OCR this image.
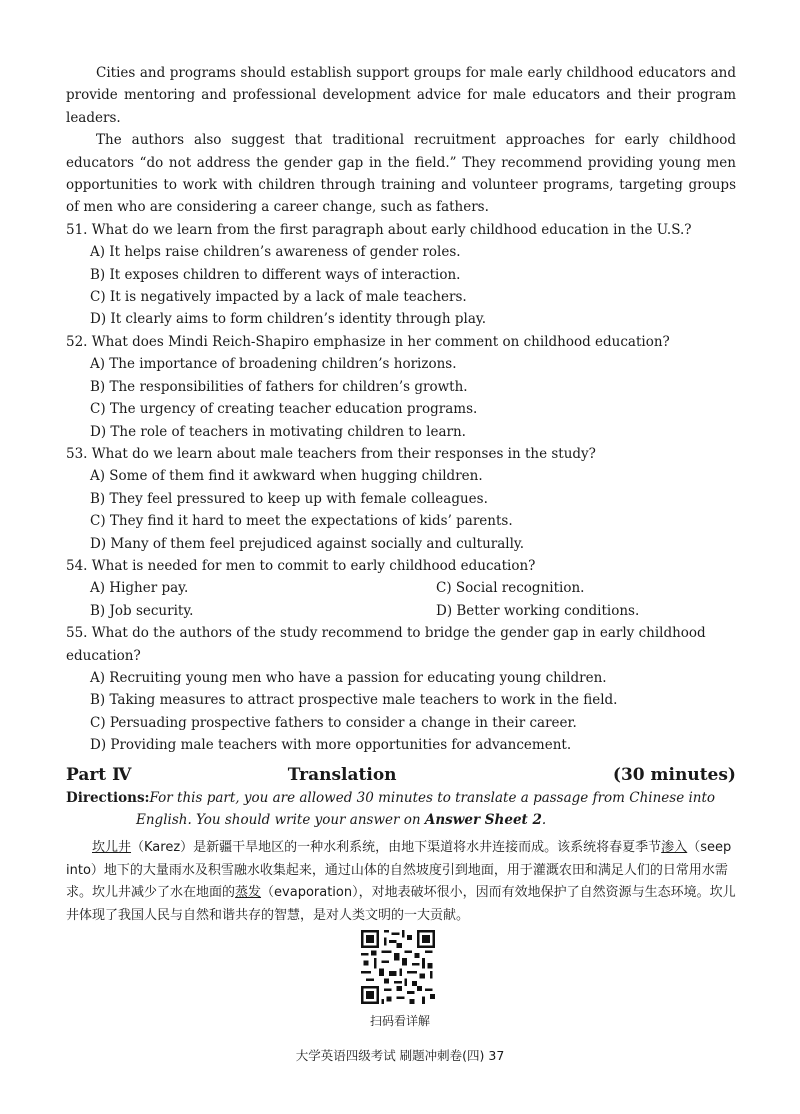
Cities and programs should establish support groups for male early childhood educators and provide mentoring and professional development advice for male educators and their program leaders.

The authors also suggest that traditional recruitment approaches for early childhood educators “do not address the gender gap in the field.” They recommend providing young men opportunities to work with children through training and volunteer programs, targeting groups of men who are considering a career change, such as fathers.

51. What do we learn from the first paragraph about early childhood education in the U.S.?

A) It helps raise children’s awareness of gender roles.

B) It exposes children to different ways of interaction.

C) It is negatively impacted by a lack of male teachers.

D) It clearly aims to form children’s identity through play.

52. What does Mindi Reich-Shapiro emphasize in her comment on childhood education?

A) The importance of broadening children’s horizons.

B) The responsibilities of fathers for children’s growth.

C) The urgency of creating teacher education programs.

D) The role of teachers in motivating children to learn.

53. What do we learn about male teachers from their responses in the study?

A) Some of them find it awkward when hugging children.

B) They feel pressured to keep up with female colleagues.

C) They find it hard to meet the expectations of kids’ parents.

D) Many of them feel prejudiced against socially and culturally.

54. What is needed for men to commit to early childhood education?

A) Higher pay.	C) Social recognition.
B) Job security.	D) Better working conditions.

55. What do the authors of the study recommend to bridge the gender gap in early childhood education?

A) Recruiting young men who have a passion for educating young children.

B) Taking measures to attract prospective male teachers to work in the field.

C) Persuading prospective fathers to consider a change in their career.

D) Providing male teachers with more opportunities for advancement.

Part Ⅳ	Translation	(30 minutes)
Directions:For this part, you are allowed 30 minutes to translate a passage from Chinese into
English. You should write your answer on Answer Sheet 2.

坎儿井（Karez）是新疆干旱地区的一种水利系统，由地下渠道将水井连接而成。该系统将春夏季节渗入（seep into）地下的大量雨水及积雪融水收集起来，通过山体的自然坡度引到地面，用于灌溉农田和满足人们的日常用水需求。坎儿井减少了水在地面的蒸发（evaporation），对地表破坏很小，因而有效地保护了自然资源与生态环境。坎儿井体现了我国人民与自然和谐共存的智慧，是对人类文明的一大贡献。

扫码看详解
大学英语四级考试 刷题冲刺卷(四) 37
